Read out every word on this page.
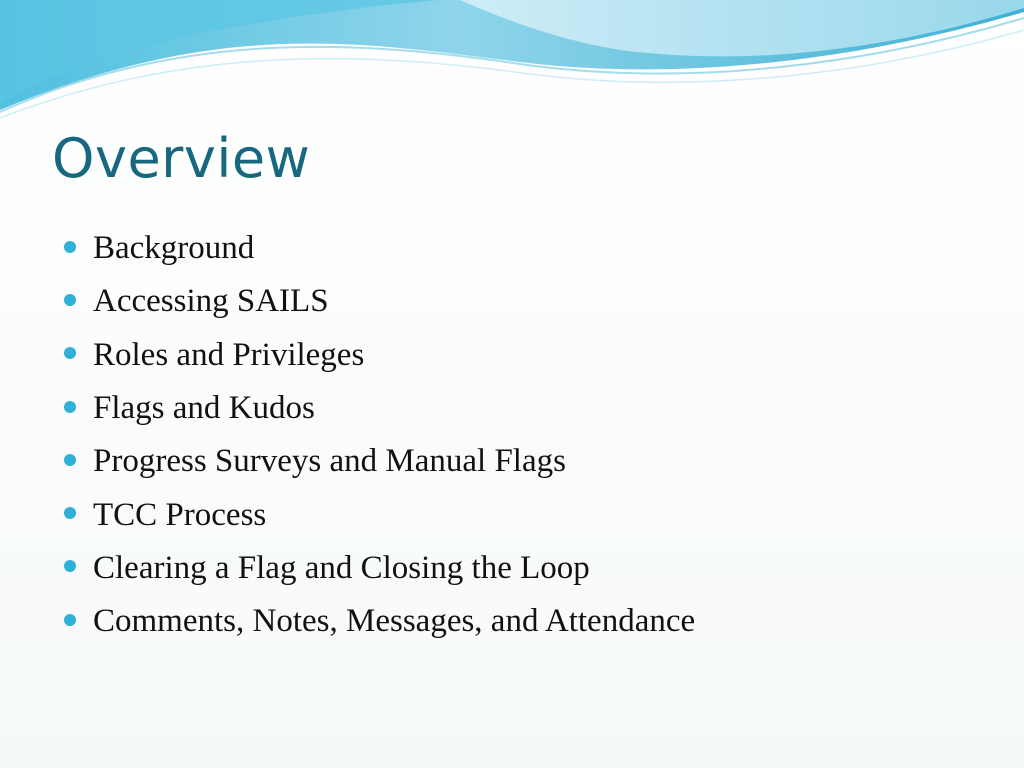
Overview
Background
Accessing SAILS
Roles and Privileges
Flags and Kudos
Progress Surveys and Manual Flags
TCC Process
Clearing a Flag and Closing the Loop
Comments, Notes, Messages, and Attendance
